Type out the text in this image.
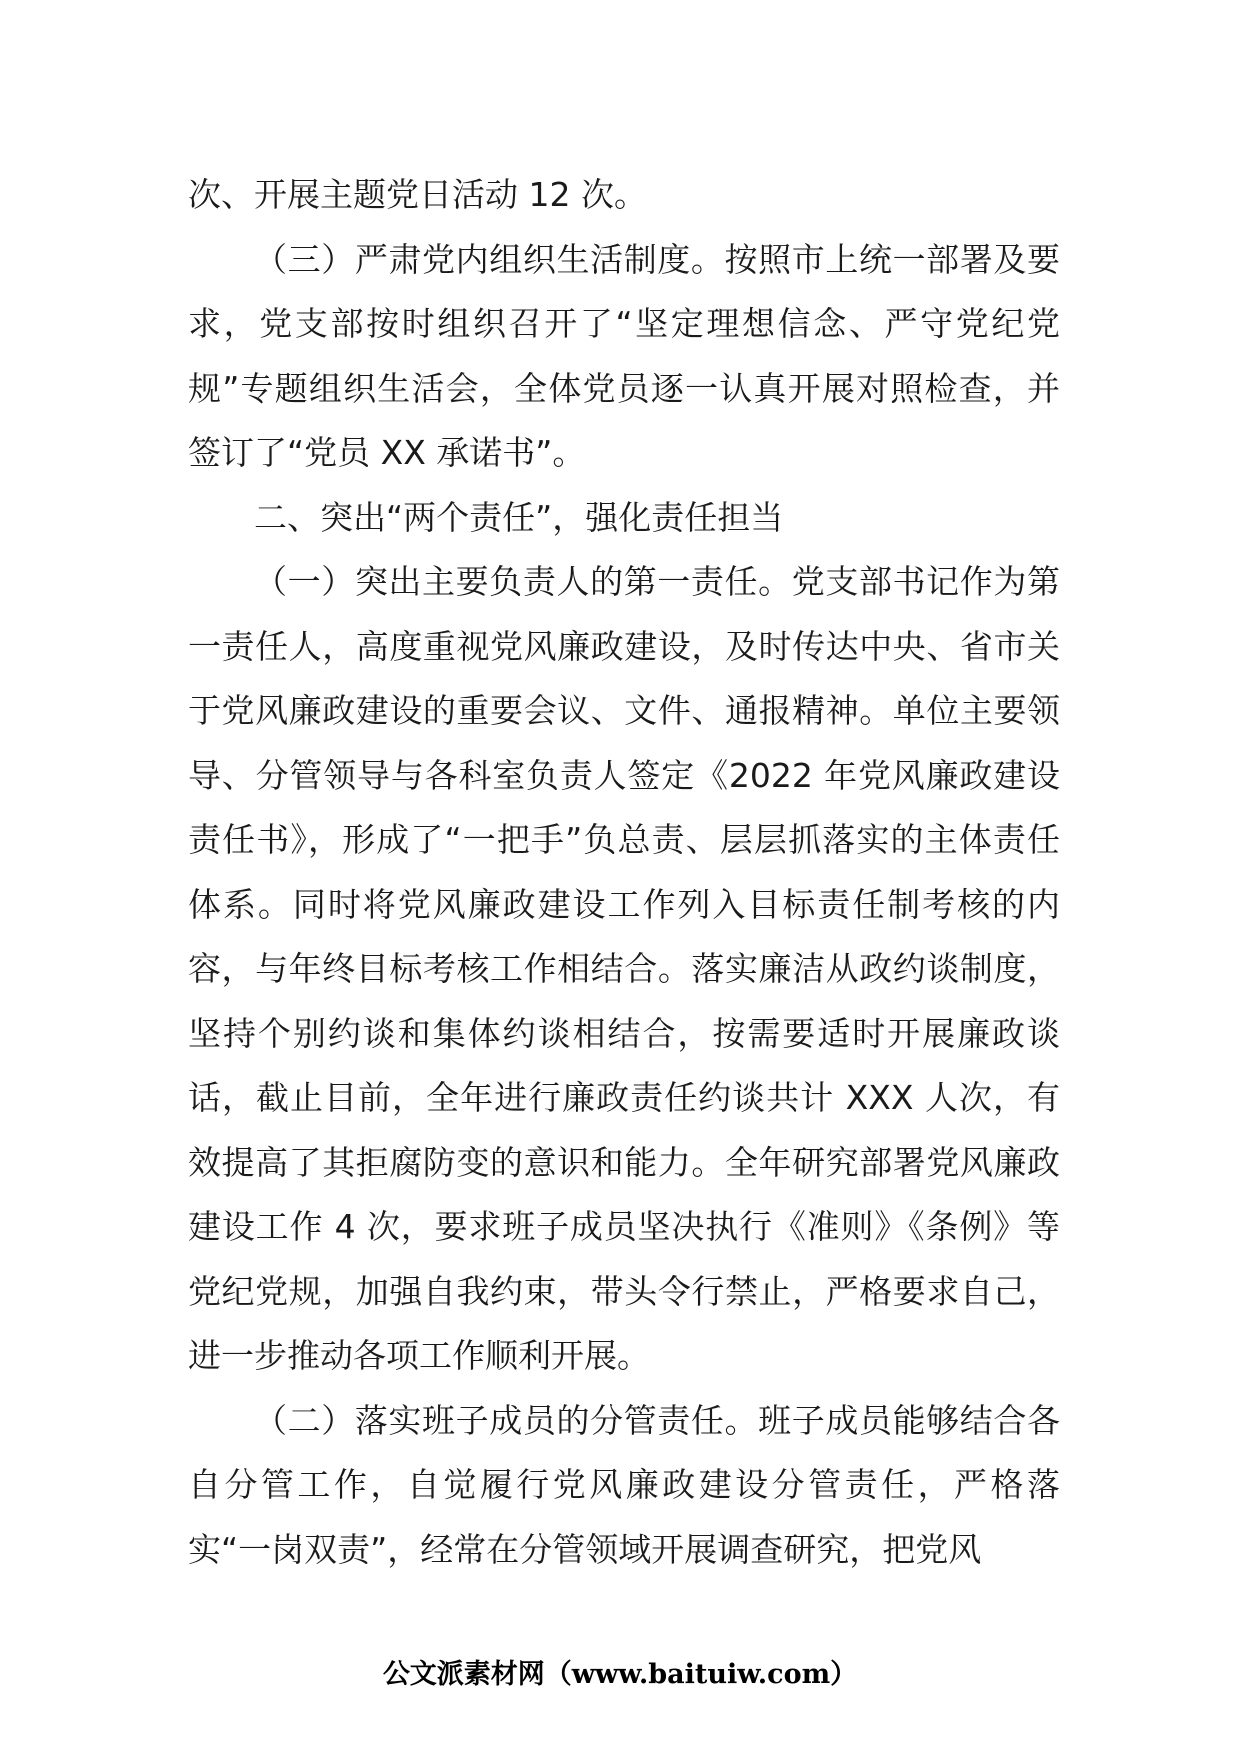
次、开展主题党日活动 12 次。

（三）严肃党内组织生活制度。按照市上统一部署及要求，党支部按时组织召开了“坚定理想信念、严守党纪党规”专题组织生活会，全体党员逐一认真开展对照检查，并签订了“党员 XX 承诺书”。

二、突出“两个责任”，强化责任担当

（一）突出主要负责人的第一责任。党支部书记作为第一责任人，高度重视党风廉政建设，及时传达中央、省市关于党风廉政建设的重要会议、文件、通报精神。单位主要领导、分管领导与各科室负责人签定《2022 年党风廉政建设责任书》，形成了“一把手”负总责、层层抓落实的主体责任体系。同时将党风廉政建设工作列入目标责任制考核的内容，与年终目标考核工作相结合。落实廉洁从政约谈制度，坚持个别约谈和集体约谈相结合，按需要适时开展廉政谈话，截止目前，全年进行廉政责任约谈共计 XXX 人次，有效提高了其拒腐防变的意识和能力。全年研究部署党风廉政建设工作 4 次，要求班子成员坚决执行《准则》《条例》等党纪党规，加强自我约束，带头令行禁止，严格要求自己，进一步推动各项工作顺利开展。

（二）落实班子成员的分管责任。班子成员能够结合各自分管工作，自觉履行党风廉政建设分管责任，严格落实“一岗双责”，经常在分管领域开展调查研究，把党风

公文派素材网（www.baituiw.com）
